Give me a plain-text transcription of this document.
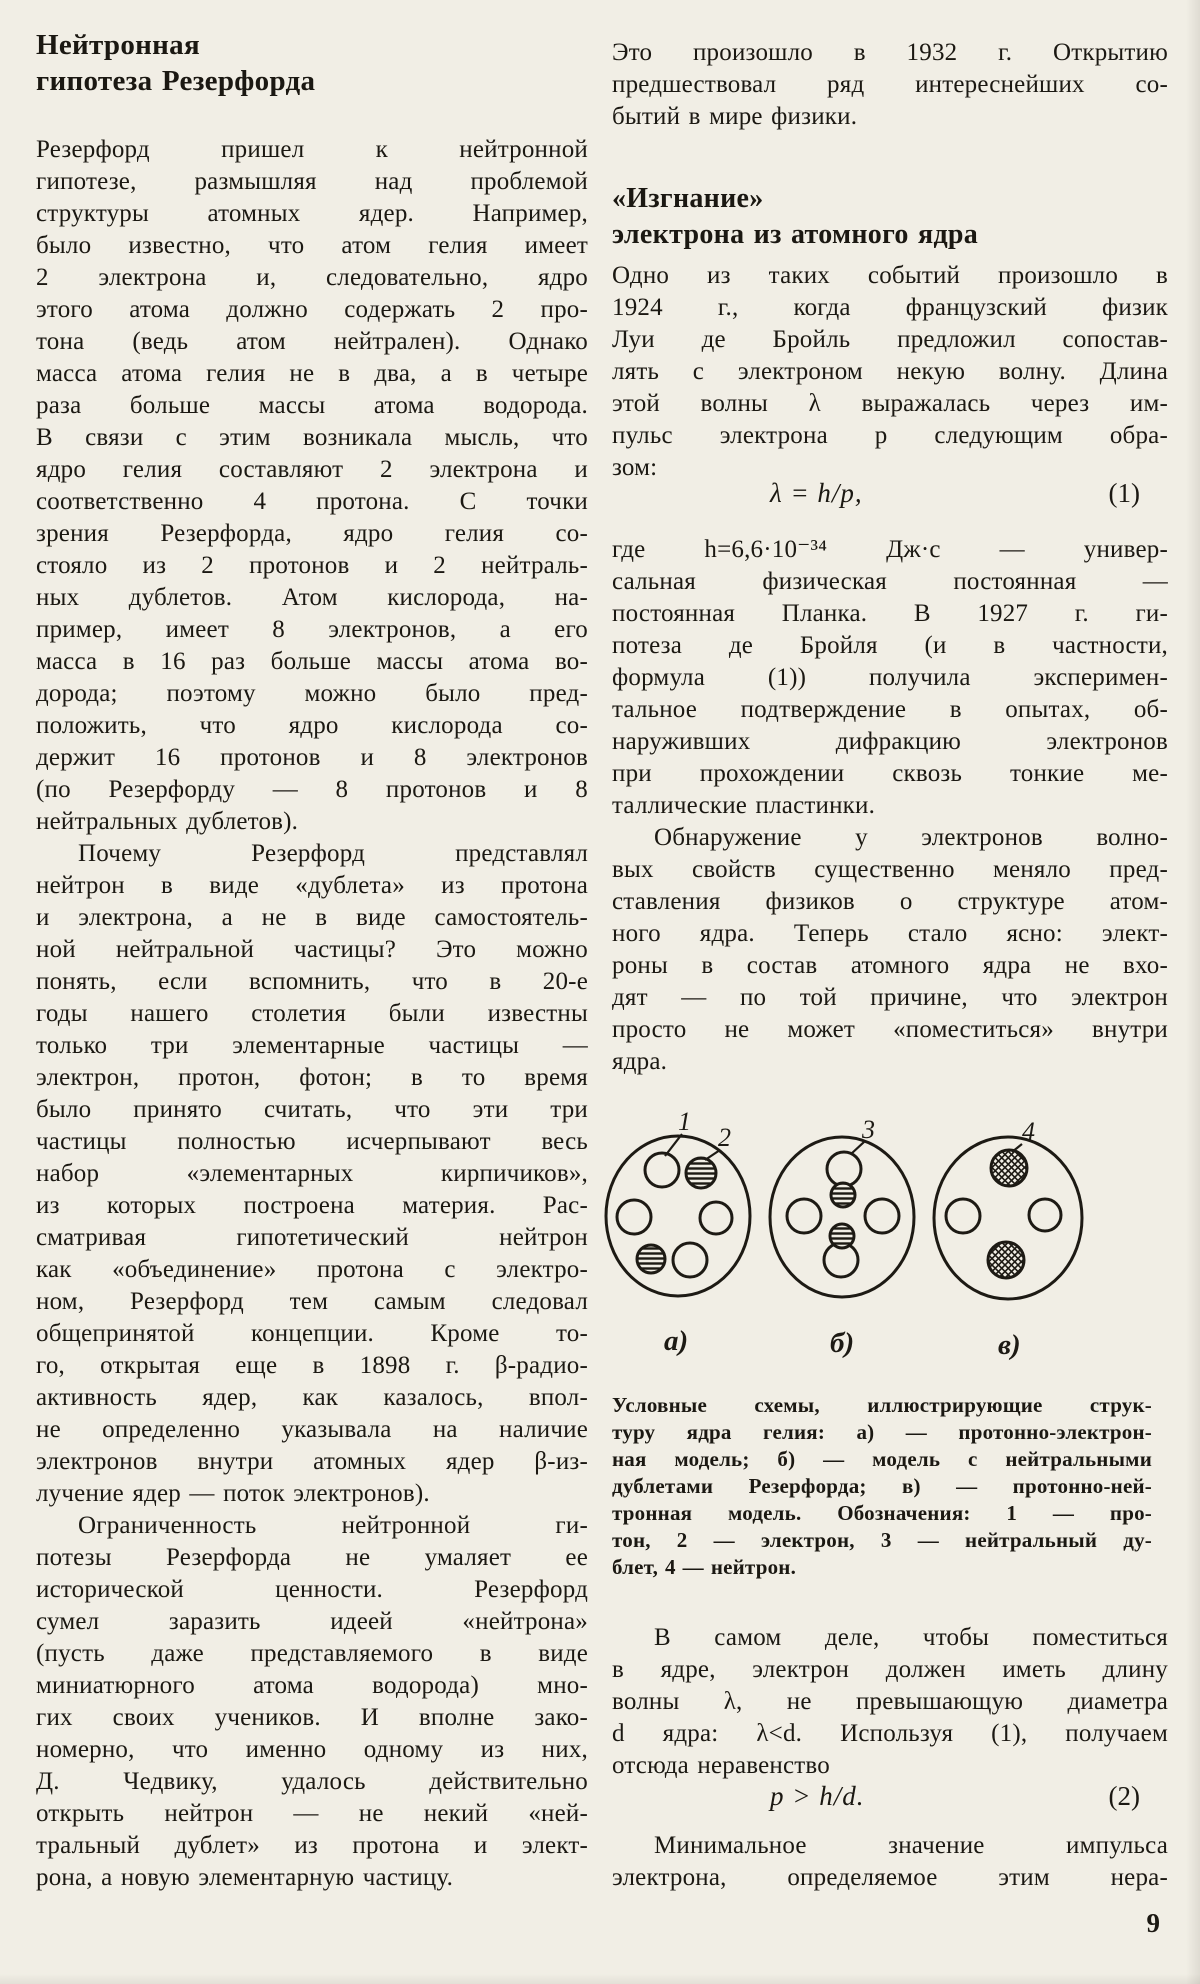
Нейтронная
гипотеза Резерфорда
Резерфорд пришел к нейтронной
гипотезе, размышляя над проблемой
структуры атомных ядер. Например,
было известно, что атом гелия имеет
2 электрона и, следовательно, ядро
этого атома должно содержать 2 про-
тона (ведь атом нейтрален). Однако
масса атома гелия не в два, а в четыре
раза больше массы атома водорода.
В связи с этим возникала мысль, что
ядро гелия составляют 2 электрона и
соответственно 4 протона. С точки
зрения Резерфорда, ядро гелия со-
стояло из 2 протонов и 2 нейтраль-
ных дублетов. Атом кислорода, на-
пример, имеет 8 электронов, а его
масса в 16 раз больше массы атома во-
дорода; поэтому можно было пред-
положить, что ядро кислорода со-
держит 16 протонов и 8 электронов
(по Резерфорду — 8 протонов и 8
нейтральных дублетов).
Почему Резерфорд представлял
нейтрон в виде «дублета» из протона
и электрона, а не в виде самостоятель-
ной нейтральной частицы? Это можно
понять, если вспомнить, что в 20-е
годы нашего столетия были известны
только три элементарные частицы —
электрон, протон, фотон; в то время
было принято считать, что эти три
частицы полностью исчерпывают весь
набор «элементарных кирпичиков»,
из которых построена материя. Рас-
сматривая гипотетический нейтрон
как «объединение» протона с электро-
ном, Резерфорд тем самым следовал
общепринятой концепции. Кроме то-
го, открытая еще в 1898 г. β-радио-
активность ядер, как казалось, впол-
не определенно указывала на наличие
электронов внутри атомных ядер β-из-
лучение ядер — поток электронов).
Ограниченность нейтронной ги-
потезы Резерфорда не умаляет ее
исторической ценности. Резерфорд
сумел заразить идеей «нейтрона»
(пусть даже представляемого в виде
миниатюрного атома водорода) мно-
гих своих учеников. И вполне зако-
номерно, что именно одному из них,
Д. Чедвику, удалось действительно
открыть нейтрон — не некий «ней-
тральный дублет» из протона и элект-
рона, а новую элементарную частицу.
Это произошло в 1932 г. Открытию
предшествовал ряд интереснейших со-
бытий в мире физики.
«Изгнание»
электрона из атомного ядра
Одно из таких событий произошло в
1924 г., когда французский физик
Луи де Бройль предложил сопостав-
лять с электроном некую волну. Длина
этой волны λ выражалась через им-
пульс электрона p следующим обра-
зом:
λ = h/p,	(1)
где h=6,6·10⁻³⁴ Дж·с — универ-
сальная физическая постоянная —
постоянная Планка. В 1927 г. ги-
потеза де Бройля (и в частности,
формула (1)) получила эксперимен-
тальное подтверждение в опытах, об-
наруживших дифракцию электронов
при прохождении сквозь тонкие ме-
таллические пластинки.
Обнаружение у электронов волно-
вых свойств существенно меняло пред-
ставления физиков о структуре атом-
ного ядра. Теперь стало ясно: элект-
роны в состав атомного ядра не вхо-
дят — по той причине, что электрон
просто не может «поместиться» внутри
ядра.
1
2	3	4
а)	б)	в)
Условные схемы, иллюстрирующие струк-
туру ядра гелия: а) — протонно-электрон-
ная модель; б) — модель с нейтральными
дублетами Резерфорда; в) — протонно-ней-
тронная модель. Обозначения: 1 — про-
тон, 2 — электрон, 3 — нейтральный ду-
блет, 4 — нейтрон.
В самом деле, чтобы поместиться
в ядре, электрон должен иметь длину
волны λ, не превышающую диаметра
d ядра: λ<d. Используя (1), получаем
отсюда неравенство
p > h/d.	(2)
Минимальное значение импульса
электрона, определяемое этим нера-
9
